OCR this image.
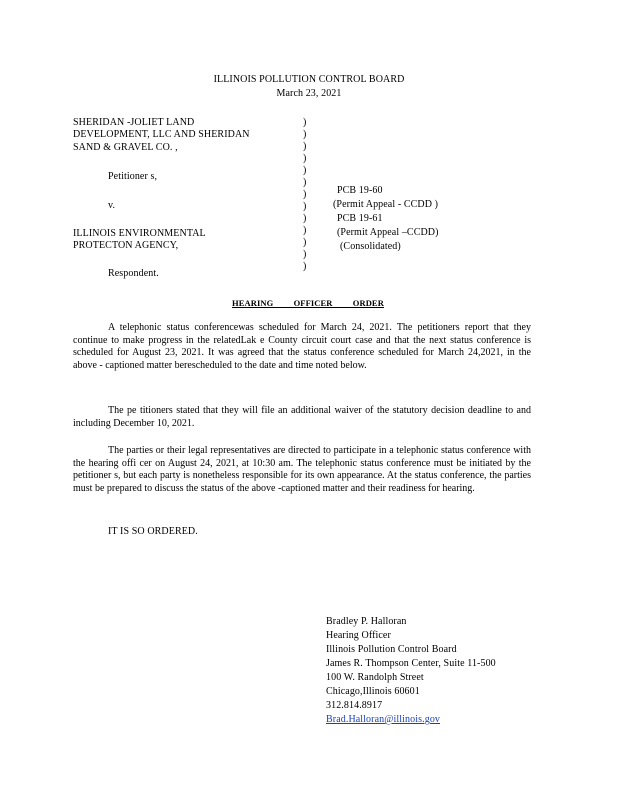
ILLINOIS POLLUTION CONTROL BOARD
March 23, 2021
SHERIDAN -JOLIET LAND
DEVELOPMENT, LLC AND SHERIDAN
SAND & GRAVEL CO. ,
Petitioner s,
v.
ILLINOIS ENVIRONMENTAL
PROTECTON AGENCY,
Respondent.
)
)
)
)
)
)
)
)
)
)
)
)
)
PCB 19-60
(Permit Appeal - CCDD )
PCB 19-61
(Permit Appeal –CCDD)
(Consolidated)
HEARING OFFICER ORDER
A telephonic status conferencewas scheduled for March 24, 2021. The petitioners report that they continue to make progress in the relatedLak e County circuit court case and that the next status conference is scheduled for August 23, 2021. It was agreed that the status conference scheduled for March 24,2021, in the above - captioned matter berescheduled to the date and time noted below.
The pe titioners stated that they will file an additional waiver of the statutory decision deadline to and including December 10, 2021.
The parties or their legal representatives are directed to participate in a telephonic status conference with the hearing offi cer on August 24, 2021, at 10:30 am. The telephonic status conference must be initiated by the petitioner s, but each party is nonetheless responsible for its own appearance. At the status conference, the parties must be prepared to discuss the status of the above -captioned matter and their readiness for hearing.
IT IS SO ORDERED.
Bradley P. Halloran
Hearing Officer
Illinois Pollution Control Board
James R. Thompson Center, Suite 11-500
100 W. Randolph Street
Chicago,Illinois 60601
312.814.8917
Brad.Halloran@illinois.gov
